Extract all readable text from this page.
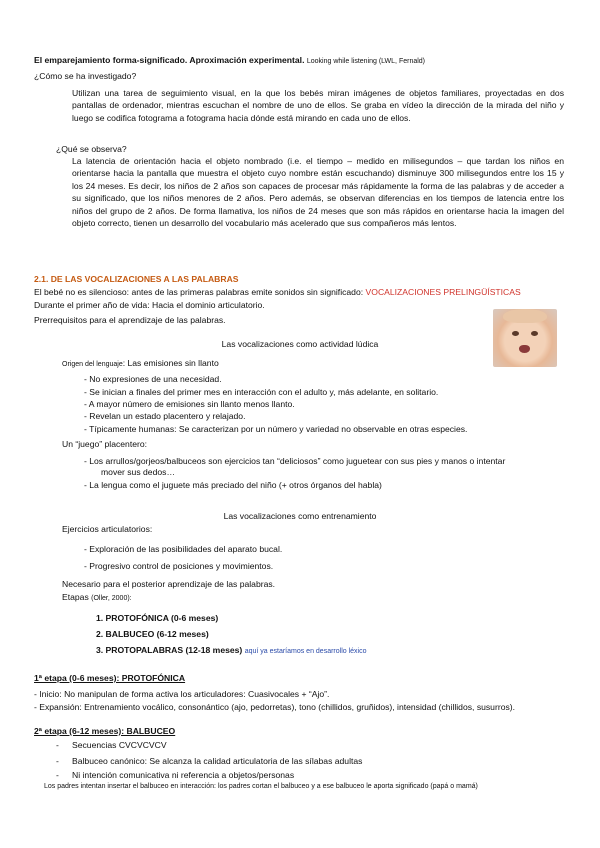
El emparejamiento forma-significado. Aproximación experimental. Looking while listening (LWL, Fernald)
¿Cómo se ha investigado?
Utilizan una tarea de seguimiento visual, en la que los bebés miran imágenes de objetos familiares, proyectadas en dos pantallas de ordenador, mientras escuchan el nombre de uno de ellos. Se graba en vídeo la dirección de la mirada del niño y luego se codifica fotograma a fotograma hacia dónde está mirando en cada uno de ellos.
¿Qué se observa?
La latencia de orientación hacia el objeto nombrado (i.e. el tiempo – medido en milisegundos – que tardan los niños en orientarse hacia la pantalla que muestra el objeto cuyo nombre están escuchando) disminuye 300 milisegundos entre los 15 y los 24 meses. Es decir, los niños de 2 años son capaces de procesar más rápidamente la forma de las palabras y de acceder a su significado, que los niños menores de 2 años. Pero además, se observan diferencias en los tiempos de latencia entre los niños del grupo de 2 años. De forma llamativa, los niños de 24 meses que son más rápidos en orientarse hacia la imagen del objeto correcto, tienen un desarrollo del vocabulario más acelerado que sus compañeros más lentos.
2.1. DE LAS VOCALIZACIONES A LAS PALABRAS
El bebé no es silencioso: antes de las primeras palabras emite sonidos sin significado: VOCALIZACIONES PRELINGÜÍSTICAS
Durante el primer año de vida: Hacia el dominio articulatorio.
Prerrequisitos para el aprendizaje de las palabras.
Las vocalizaciones como actividad lúdica
Origen del lenguaje: Las emisiones sin llanto
- No expresiones de una necesidad.
- Se inician a finales del primer mes en interacción con el adulto y, más adelante, en solitario.
- A mayor número de emisiones sin llanto menos llanto.
- Revelan un estado placentero y relajado.
- Típicamente humanas: Se caracterizan por un número y variedad no observable en otras especies.
Un “juego” placentero:
- Los arrullos/gorjeos/balbuceos son ejercicios tan “deliciosos” como juguetear con sus pies y manos o intentar
mover sus dedos…
- La lengua como el juguete más preciado del niño (+ otros órganos del habla)
Las vocalizaciones como entrenamiento
Ejercicios articulatorios:
- Exploración de las posibilidades del aparato bucal.
- Progresivo control de posiciones y movimientos.
Necesario para el posterior aprendizaje de las palabras.
Etapas (Oller, 2000):
1. PROTOFÓNICA (0-6 meses)
2. BALBUCEO (6-12 meses)
3. PROTOPALABRAS (12-18 meses) aquí ya estaríamos en desarrollo léxico
1ª etapa (0-6 meses): PROTOFÓNICA
- Inicio: No manipulan de forma activa los articuladores: Cuasivocales + “Ajo”.
- Expansión: Entrenamiento vocálico, consonántico (ajo, pedorretas), tono (chillidos, gruñidos), intensidad (chillidos, susurros).
2ª etapa (6-12 meses): BALBUCEO
- Secuencias CVCVCVCV
- Balbuceo canónico: Se alcanza la calidad articulatoria de las sílabas adultas
- Ni intención comunicativa ni referencia a objetos/personas
Los padres intentan insertar el balbuceo en interacción: los padres cortan el balbuceo y a ese balbuceo le aporta significado (papá o mamá)
